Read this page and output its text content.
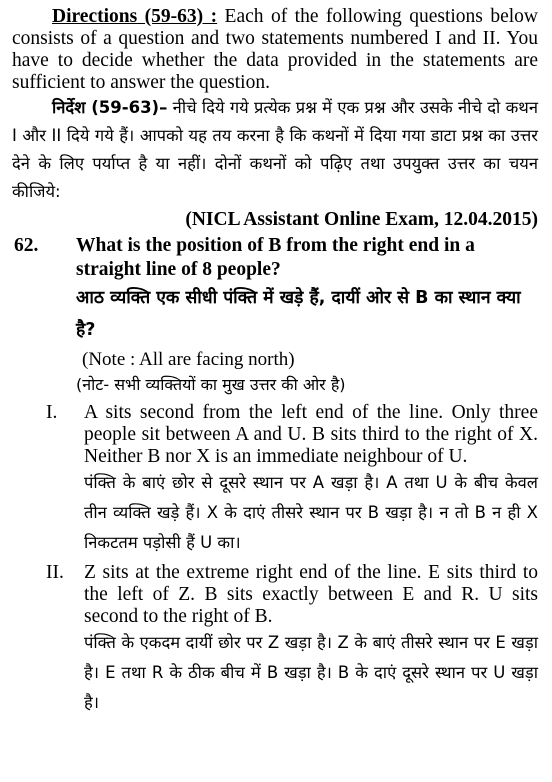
Directions (59-63) : Each of the following questions below consists of a question and two statements numbered I and II. You have to decide whether the data provided in the statements are sufficient to answer the question.

निर्देश (59-63)– नीचे दिये गये प्रत्येक प्रश्न में एक प्रश्न और उसके नीचे दो कथन I और II दिये गये हैं। आपको यह तय करना है कि कथनों में दिया गया डाटा प्रश्न का उत्तर देने के लिए पर्याप्त है या नहीं। दोनों कथनों को पढ़िए तथा उपयुक्त उत्तर का चयन कीजिये:

(NICL Assistant Online Exam, 12.04.2015)

62.	What is the position of B from the right end in a straight line of 8 people?

आठ व्यक्ति एक सीधी पंक्ति में खड़े हैं, दायीं ओर से B का स्थान क्या है?

(Note : All are facing north)

(नोट- सभी व्यक्तियों का मुख उत्तर की ओर है)

I.	A sits second from the left end of the line. Only three people sit between A and U. B sits third to the right of X. Neither B nor X is an immediate neighbour of U.

पंक्ति के बाएं छोर से दूसरे स्थान पर A खड़ा है। A तथा U के बीच केवल तीन व्यक्ति खड़े हैं। X के दाएं तीसरे स्थान पर B खड़ा है। न तो B न ही X निकटतम पड़ोसी हैं U का।

II.	Z sits at the extreme right end of the line. E sits third to the left of Z. B sits exactly between E and R. U sits second to the right of B.

पंक्ति के एकदम दायीं छोर पर Z खड़ा है। Z के बाएं तीसरे स्थान पर E खड़ा है। E तथा R के ठीक बीच में B खड़ा है। B के दाएं दूसरे स्थान पर U खड़ा है।
